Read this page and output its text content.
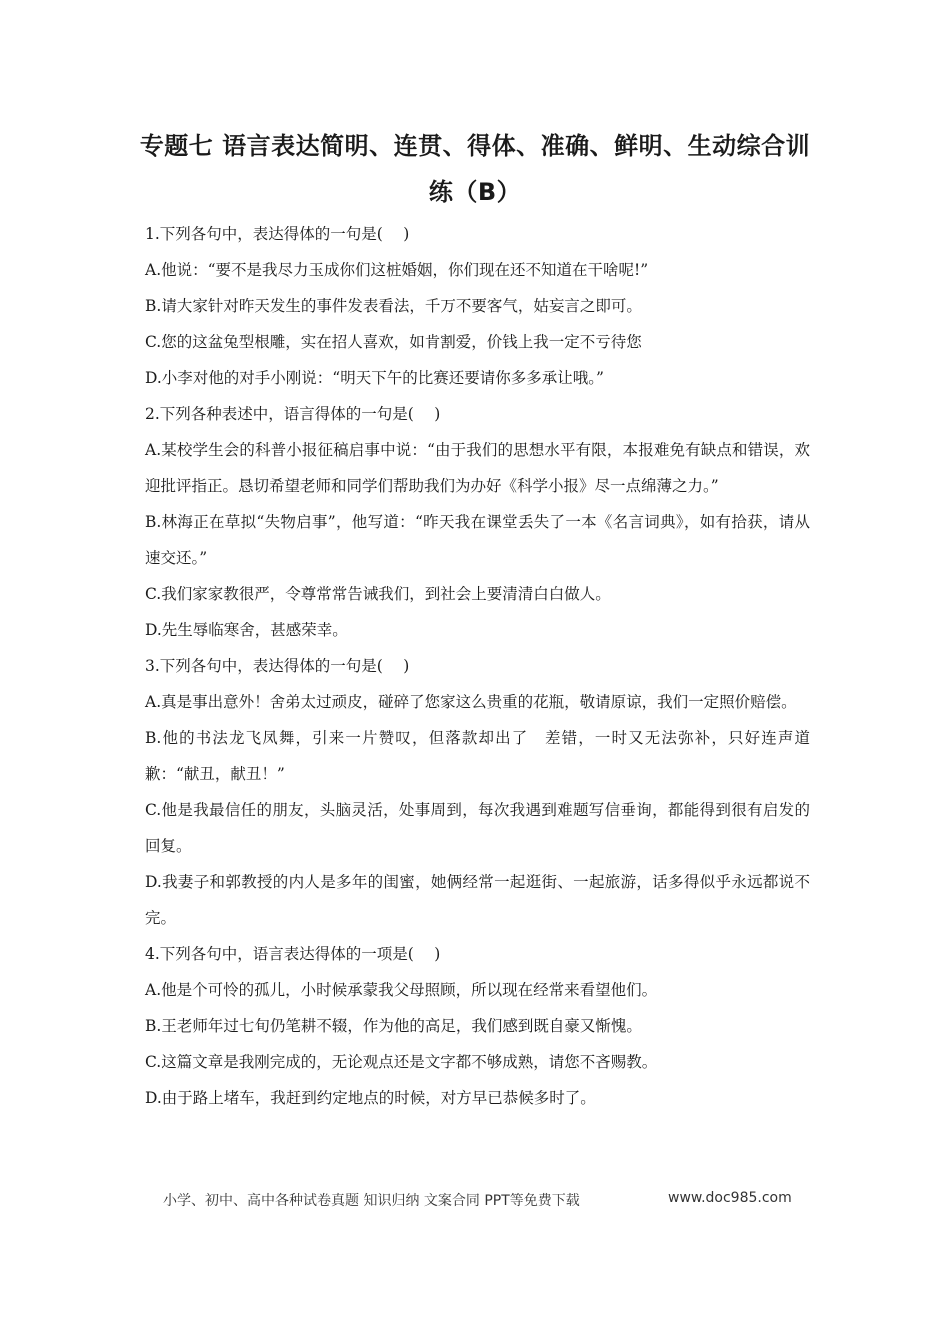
专题七 语言表达简明、连贯、得体、准确、鲜明、生动综合训
练（B）

1.下列各句中，表达得体的一句是(　 )

A.他说：“要不是我尽力玉成你们这桩婚姻，你们现在还不知道在干啥呢!”

B.请大家针对昨天发生的事件发表看法，千万不要客气，姑妄言之即可。

C.您的这盆兔型根雕，实在招人喜欢，如肯割爱，价钱上我一定不亏待您

D.小李对他的对手小刚说：“明天下午的比赛还要请你多多承让哦。”

2.下列各种表述中，语言得体的一句是(　 )

A.某校学生会的科普小报征稿启事中说：“由于我们的思想水平有限，本报难免有缺点和错误，欢迎批评指正。恳切希望老师和同学们帮助我们为办好《科学小报》尽一点绵薄之力。”

B.林海正在草拟“失物启事”，他写道：“昨天我在课堂丢失了一本《名言词典》，如有拾获，请从速交还。”

C.我们家家教很严，令尊常常告诫我们，到社会上要清清白白做人。

D.先生辱临寒舍，甚感荣幸。

3.下列各句中，表达得体的一句是(　 )

A.真是事出意外！舍弟太过顽皮，碰碎了您家这么贵重的花瓶，敬请原谅，我们一定照价赔偿。

B.他的书法龙飞凤舞，引来一片赞叹，但落款却出了　差错，一时又无法弥补，只好连声道歉：“献丑，献丑！”

C.他是我最信任的朋友，头脑灵活，处事周到，每次我遇到难题写信垂询，都能得到很有启发的回复。

D.我妻子和郭教授的内人是多年的闺蜜，她俩经常一起逛街、一起旅游，话多得似乎永远都说不完。

4.下列各句中，语言表达得体的一项是(　 )

A.他是个可怜的孤儿，小时候承蒙我父母照顾，所以现在经常来看望他们。

B.王老师年过七旬仍笔耕不辍，作为他的高足，我们感到既自豪又惭愧。

C.这篇文章是我刚完成的，无论观点还是文字都不够成熟，请您不吝赐教。

D.由于路上堵车，我赶到约定地点的时候，对方早已恭候多时了。

小学、初中、高中各种试卷真题 知识归纳 文案合同 PPT等免费下载	www.doc985.com
